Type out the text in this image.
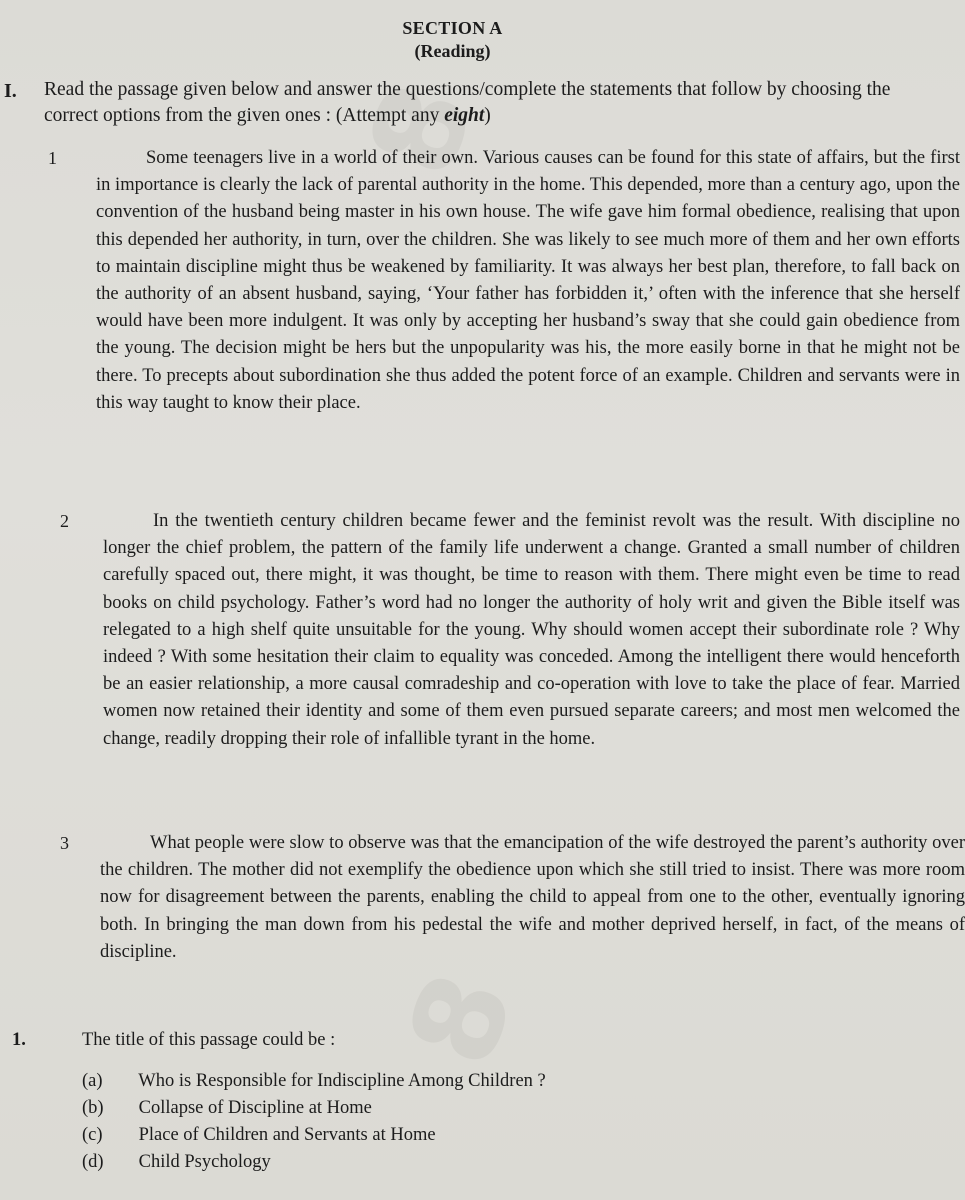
SECTION A
(Reading)
I. Read the passage given below and answer the questions/complete the statements that follow by choosing the correct options from the given ones : (Attempt any eight)
1	Some teenagers live in a world of their own. Various causes can be found for this state of affairs, but the first in importance is clearly the lack of parental authority in the home. This depended, more than a century ago, upon the convention of the husband being master in his own house. The wife gave him formal obedience, realising that upon this depended her authority, in turn, over the children. She was likely to see much more of them and her own efforts to maintain discipline might thus be weakened by familiarity. It was always her best plan, therefore, to fall back on the authority of an absent husband, saying, ‘Your father has forbidden it,’ often with the inference that she herself would have been more indulgent. It was only by accepting her husband’s sway that she could gain obedience from the young. The decision might be hers but the unpopularity was his, the more easily borne in that he might not be there. To precepts about subordination she thus added the potent force of an example. Children and servants were in this way taught to know their place.

2	In the twentieth century children became fewer and the feminist revolt was the result. With discipline no longer the chief problem, the pattern of the family life underwent a change. Granted a small number of children carefully spaced out, there might, it was thought, be time to reason with them. There might even be time to read books on child psychology. Father’s word had no longer the authority of holy writ and given the Bible itself was relegated to a high shelf quite unsuitable for the young. Why should women accept their subordinate role ? Why indeed ? With some hesitation their claim to equality was conceded. Among the intelligent there would henceforth be an easier relationship, a more causal comradeship and co-operation with love to take the place of fear. Married women now retained their identity and some of them even pursued separate careers; and most men welcomed the change, readily dropping their role of infallible tyrant in the home.

3	What people were slow to observe was that the emancipation of the wife destroyed the parent’s authority over the children. The mother did not exemplify the obedience upon which she still tried to insist. There was more room now for disagreement between the parents, enabling the child to appeal from one to the other, eventually ignoring both. In bringing the man down from his pedestal the wife and mother deprived herself, in fact, of the means of discipline.

1.	The title of this passage could be :
(a) Who is Responsible for Indiscipline Among Children ?
(b) Collapse of Discipline at Home
(c) Place of Children and Servants at Home
(d) Child Psychology
